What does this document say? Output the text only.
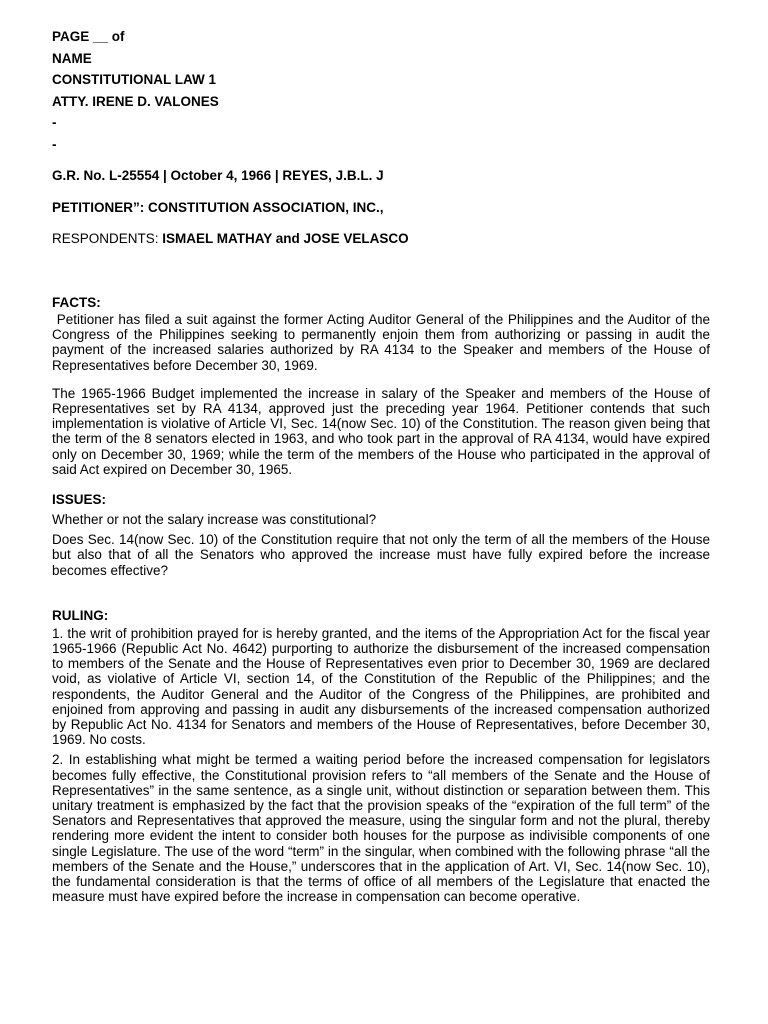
PAGE __ of
NAME
CONSTITUTIONAL LAW 1
ATTY. IRENE D. VALONES
-
-
G.R. No. L-25554 | October 4, 1966 | REYES, J.B.L. J
PETITIONER”: CONSTITUTION ASSOCIATION, INC.,
RESPONDENTS: ISMAEL MATHAY and JOSE VELASCO
FACTS:

Petitioner has filed a suit against the former Acting Auditor General of the Philippines and the Auditor of the Congress of the Philippines seeking to permanently enjoin them from authorizing or passing in audit the payment of the increased salaries authorized by RA 4134 to the Speaker and members of the House of Representatives before December 30, 1969.

The 1965-1966 Budget implemented the increase in salary of the Speaker and members of the House of Representatives set by RA 4134, approved just the preceding year 1964. Petitioner contends that such implementation is violative of Article VI, Sec. 14(now Sec. 10) of the Constitution. The reason given being that the term of the 8 senators elected in 1963, and who took part in the approval of RA 4134, would have expired only on December 30, 1969; while the term of the members of the House who participated in the approval of said Act expired on December 30, 1965.

ISSUES:

Whether or not the salary increase was constitutional?

Does Sec. 14(now Sec. 10) of the Constitution require that not only the term of all the members of the House but also that of all the Senators who approved the increase must have fully expired before the increase becomes effective?

RULING:

1. the writ of prohibition prayed for is hereby granted, and the items of the Appropriation Act for the fiscal year 1965-1966 (Republic Act No. 4642) purporting to authorize the disbursement of the increased compensation to members of the Senate and the House of Representatives even prior to December 30, 1969 are declared void, as violative of Article VI, section 14, of the Constitution of the Republic of the Philippines; and the respondents, the Auditor General and the Auditor of the Congress of the Philippines, are prohibited and enjoined from approving and passing in audit any disbursements of the increased compensation authorized by Republic Act No. 4134 for Senators and members of the House of Representatives, before December 30, 1969. No costs.

2. In establishing what might be termed a waiting period before the increased compensation for legislators becomes fully effective, the Constitutional provision refers to “all members of the Senate and the House of Representatives” in the same sentence, as a single unit, without distinction or separation between them. This unitary treatment is emphasized by the fact that the provision speaks of the “expiration of the full term” of the Senators and Representatives that approved the measure, using the singular form and not the plural, thereby rendering more evident the intent to consider both houses for the purpose as indivisible components of one single Legislature. The use of the word “term” in the singular, when combined with the following phrase “all the members of the Senate and the House,” underscores that in the application of Art. VI, Sec. 14(now Sec. 10), the fundamental consideration is that the terms of office of all members of the Legislature that enacted the measure must have expired before the increase in compensation can become operative.
